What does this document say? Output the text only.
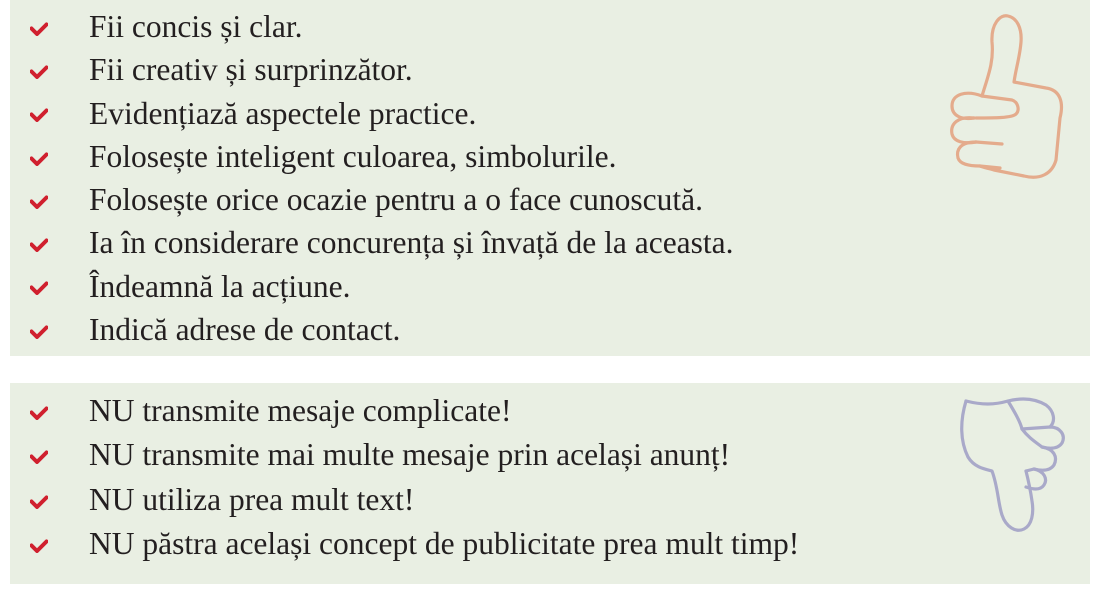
Fii concis și clar.
Fii creativ și surprinzător.
Evidențiază aspectele practice.
Folosește inteligent culoarea, simbolurile.
Folosește orice ocazie pentru a o face cunoscută.
Ia în considerare concurența și învață de la aceasta.
Îndeamnă la acțiune.
Indică adrese de contact.
NU transmite mesaje complicate!
NU transmite mai multe mesaje prin același anunț!
NU utiliza prea mult text!
NU păstra același concept de publicitate prea mult timp!
